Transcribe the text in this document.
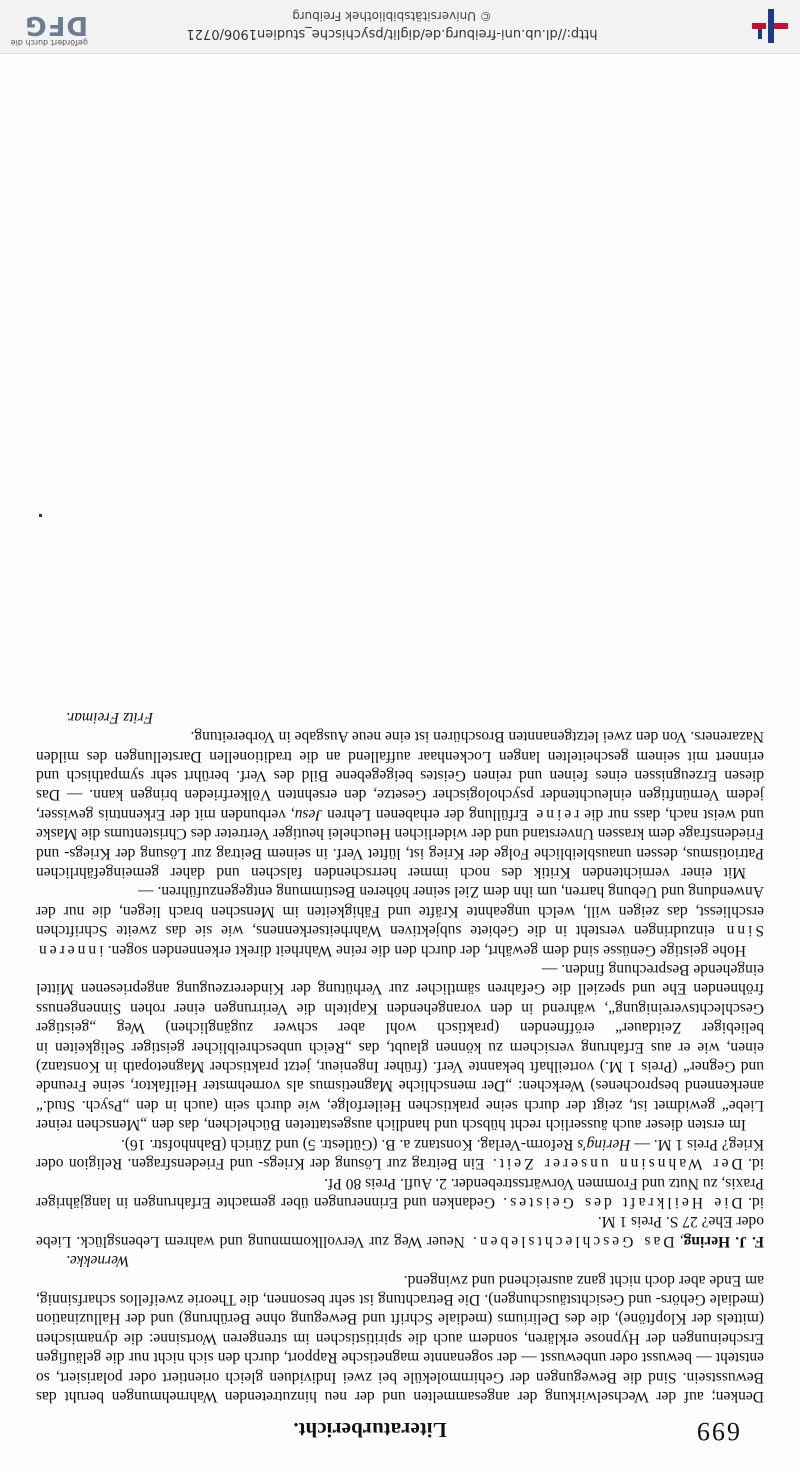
699
Literaturbericht.

Denken; auf der Wechselwirkung der angesammelten und der neu hinzutretenden Wahrnehmungen beruht das Bewusstsein. Sind die Bewegungen der Gehirnmoleküle bei zwei Individuen gleich orientiert oder polarisiert, so entsteht — bewusst oder unbewusst — der sogenannte magnetische Rapport, durch den sich nicht nur die geläufigen Erscheinungen der Hypnose erklären, sondern auch die spiritistischen im strengeren Wortsinne: die dynamischen (mittels der Klopftöne), die des Deliriums (mediale Schrift und Bewegung ohne Berührung) und der Halluzination (mediale Gehörs- und Gesichtstäuschungen). Die Betrachtung ist sehr besonnen, die Theorie zweifellos scharfsinnig, am Ende aber doch nicht ganz ausreichend und zwingend.

Wernekke.

F. J. Hering, Das Geschlechtsleben. Neuer Weg zur Vervollkommnung und wahrem Lebensglück. Liebe oder Ehe? 27 S. Preis 1 M.

id. Die Heilkraft des Geistes. Gedanken und Erinnerungen über gemachte Erfahrungen in langjähriger Praxis, zu Nutz und Frommen Vorwärtsstrebender. 2. Aufl. Preis 80 Pf.

id. Der Wahnsinn unserer Zeit. Ein Beitrag zur Lösung der Kriegs- und Friedensfragen. Religion oder Krieg? Preis 1 M. — Hering's Reform-Verlag. Konstanz a. B. (Gütlestr. 5) und Zürich (Bahnhofstr. 16).

Im ersten dieser auch äusserlich recht hübsch und handlich ausgestatteten Büchelchen, das den „Menschen reiner Liebe“ gewidmet ist, zeigt der durch seine praktischen Heilerfolge, wie durch sein (auch in den „Psych. Stud.“ anerkennend besprochenes) Werkchen: „Der menschliche Magnetismus als vornehmster Heilfaktor, seine Freunde und Gegner“ (Preis 1 M.) vorteilhaft bekannte Verf. (früher Ingenieur, jetzt praktischer Magnetopath in Konstanz) einen, wie er aus Erfahrung versichern zu können glaubt, das „Reich unbeschreiblicher geistiger Seligkeiten in beliebiger Zeitdauer“ eröffnenden (praktisch wohl aber schwer zugänglichen) Weg „geistiger Geschlechtsvereinigung“, während in den vorangehenden Kapiteln die Verirrungen einer rohen Sinnengenuss fröhnenden Ehe und speziell die Gefahren sämtlicher zur Verhütung der Kindererzeugung angepriesenen Mittel eingehende Besprechung finden. —

Hohe geistige Genüsse sind dem gewährt, der durch den die reine Wahrheit direkt erkennenden sogen. inneren Sinn einzudringen versteht in die Gebiete subjektiven Wahrheitserkennens, wie sie das zweite Schriftchen erschliesst, das zeigen will, welch ungeahnte Kräfte und Fähigkeiten im Menschen brach liegen, die nur der Anwendung und Uebung harren, um ihn dem Ziel seiner höheren Bestimmung entgegenzuführen. —

Mit einer vernichtenden Kritik des noch immer herrschenden falschen und daher gemeingefährlichen Patriotismus, dessen unausbleibliche Folge der Krieg ist, lüftet Verf. in seinem Beitrag zur Lösung der Kriegs- und Friedensfrage dem krassen Unverstand und der widerlichen Heuchelei heutiger Vertreter des Christentums die Maske und weist nach, dass nur die reine Erfüllung der erhabenen Lehren Jesu, verbunden mit der Erkenntnis gewisser, jedem Vernünftigen einleuchtender psychologischer Gesetze, den ersehnten Völkerfrieden bringen kann. — Das diesen Erzeugnissen eines feinen und reinen Geistes beigegebene Bild des Verf. berührt sehr sympathisch und erinnert mit seinem gescheitelten langen Lockenhaar auffallend an die traditionellen Darstellungen des milden Nazareners. Von den zwei letztgenannten Broschüren ist eine neue Ausgabe in Vorbereitung.

Fritz Freimar.

http://dl.ub.uni-freiburg.de/diglit/psychische_studien1906/0721
© Universitätsbibliothek Freiburg
gefördert durch die
DFG
